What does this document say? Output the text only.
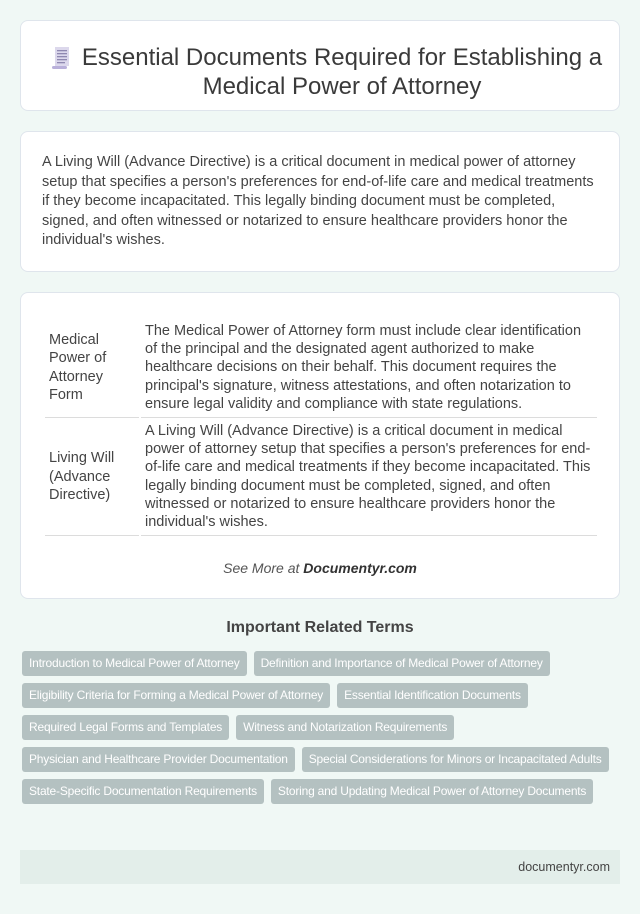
Essential Documents Required for Establishing a Medical Power of Attorney

A Living Will (Advance Directive) is a critical document in medical power of attorney setup that specifies a person's preferences for end-of-life care and medical treatments if they become incapacitated. This legally binding document must be completed, signed, and often witnessed or notarized to ensure healthcare providers honor the individual's wishes.

Medical Power of Attorney Form	The Medical Power of Attorney form must include clear identification of the principal and the designated agent authorized to make healthcare decisions on their behalf. This document requires the principal's signature, witness attestations, and often notarization to ensure legal validity and compliance with state regulations.
Living Will (Advance Directive)	A Living Will (Advance Directive) is a critical document in medical power of attorney setup that specifies a person's preferences for end-of-life care and medical treatments if they become incapacitated. This legally binding document must be completed, signed, and often witnessed or notarized to ensure healthcare providers honor the individual's wishes.
See More at Documentyr.com
Important Related Terms
Introduction to Medical Power of Attorney	Definition and Importance of Medical Power of Attorney
Eligibility Criteria for Forming a Medical Power of Attorney	Essential Identification Documents
Required Legal Forms and Templates	Witness and Notarization Requirements
Physician and Healthcare Provider Documentation	Special Considerations for Minors or Incapacitated Adults
State-Specific Documentation Requirements	Storing and Updating Medical Power of Attorney Documents
documentyr.com
